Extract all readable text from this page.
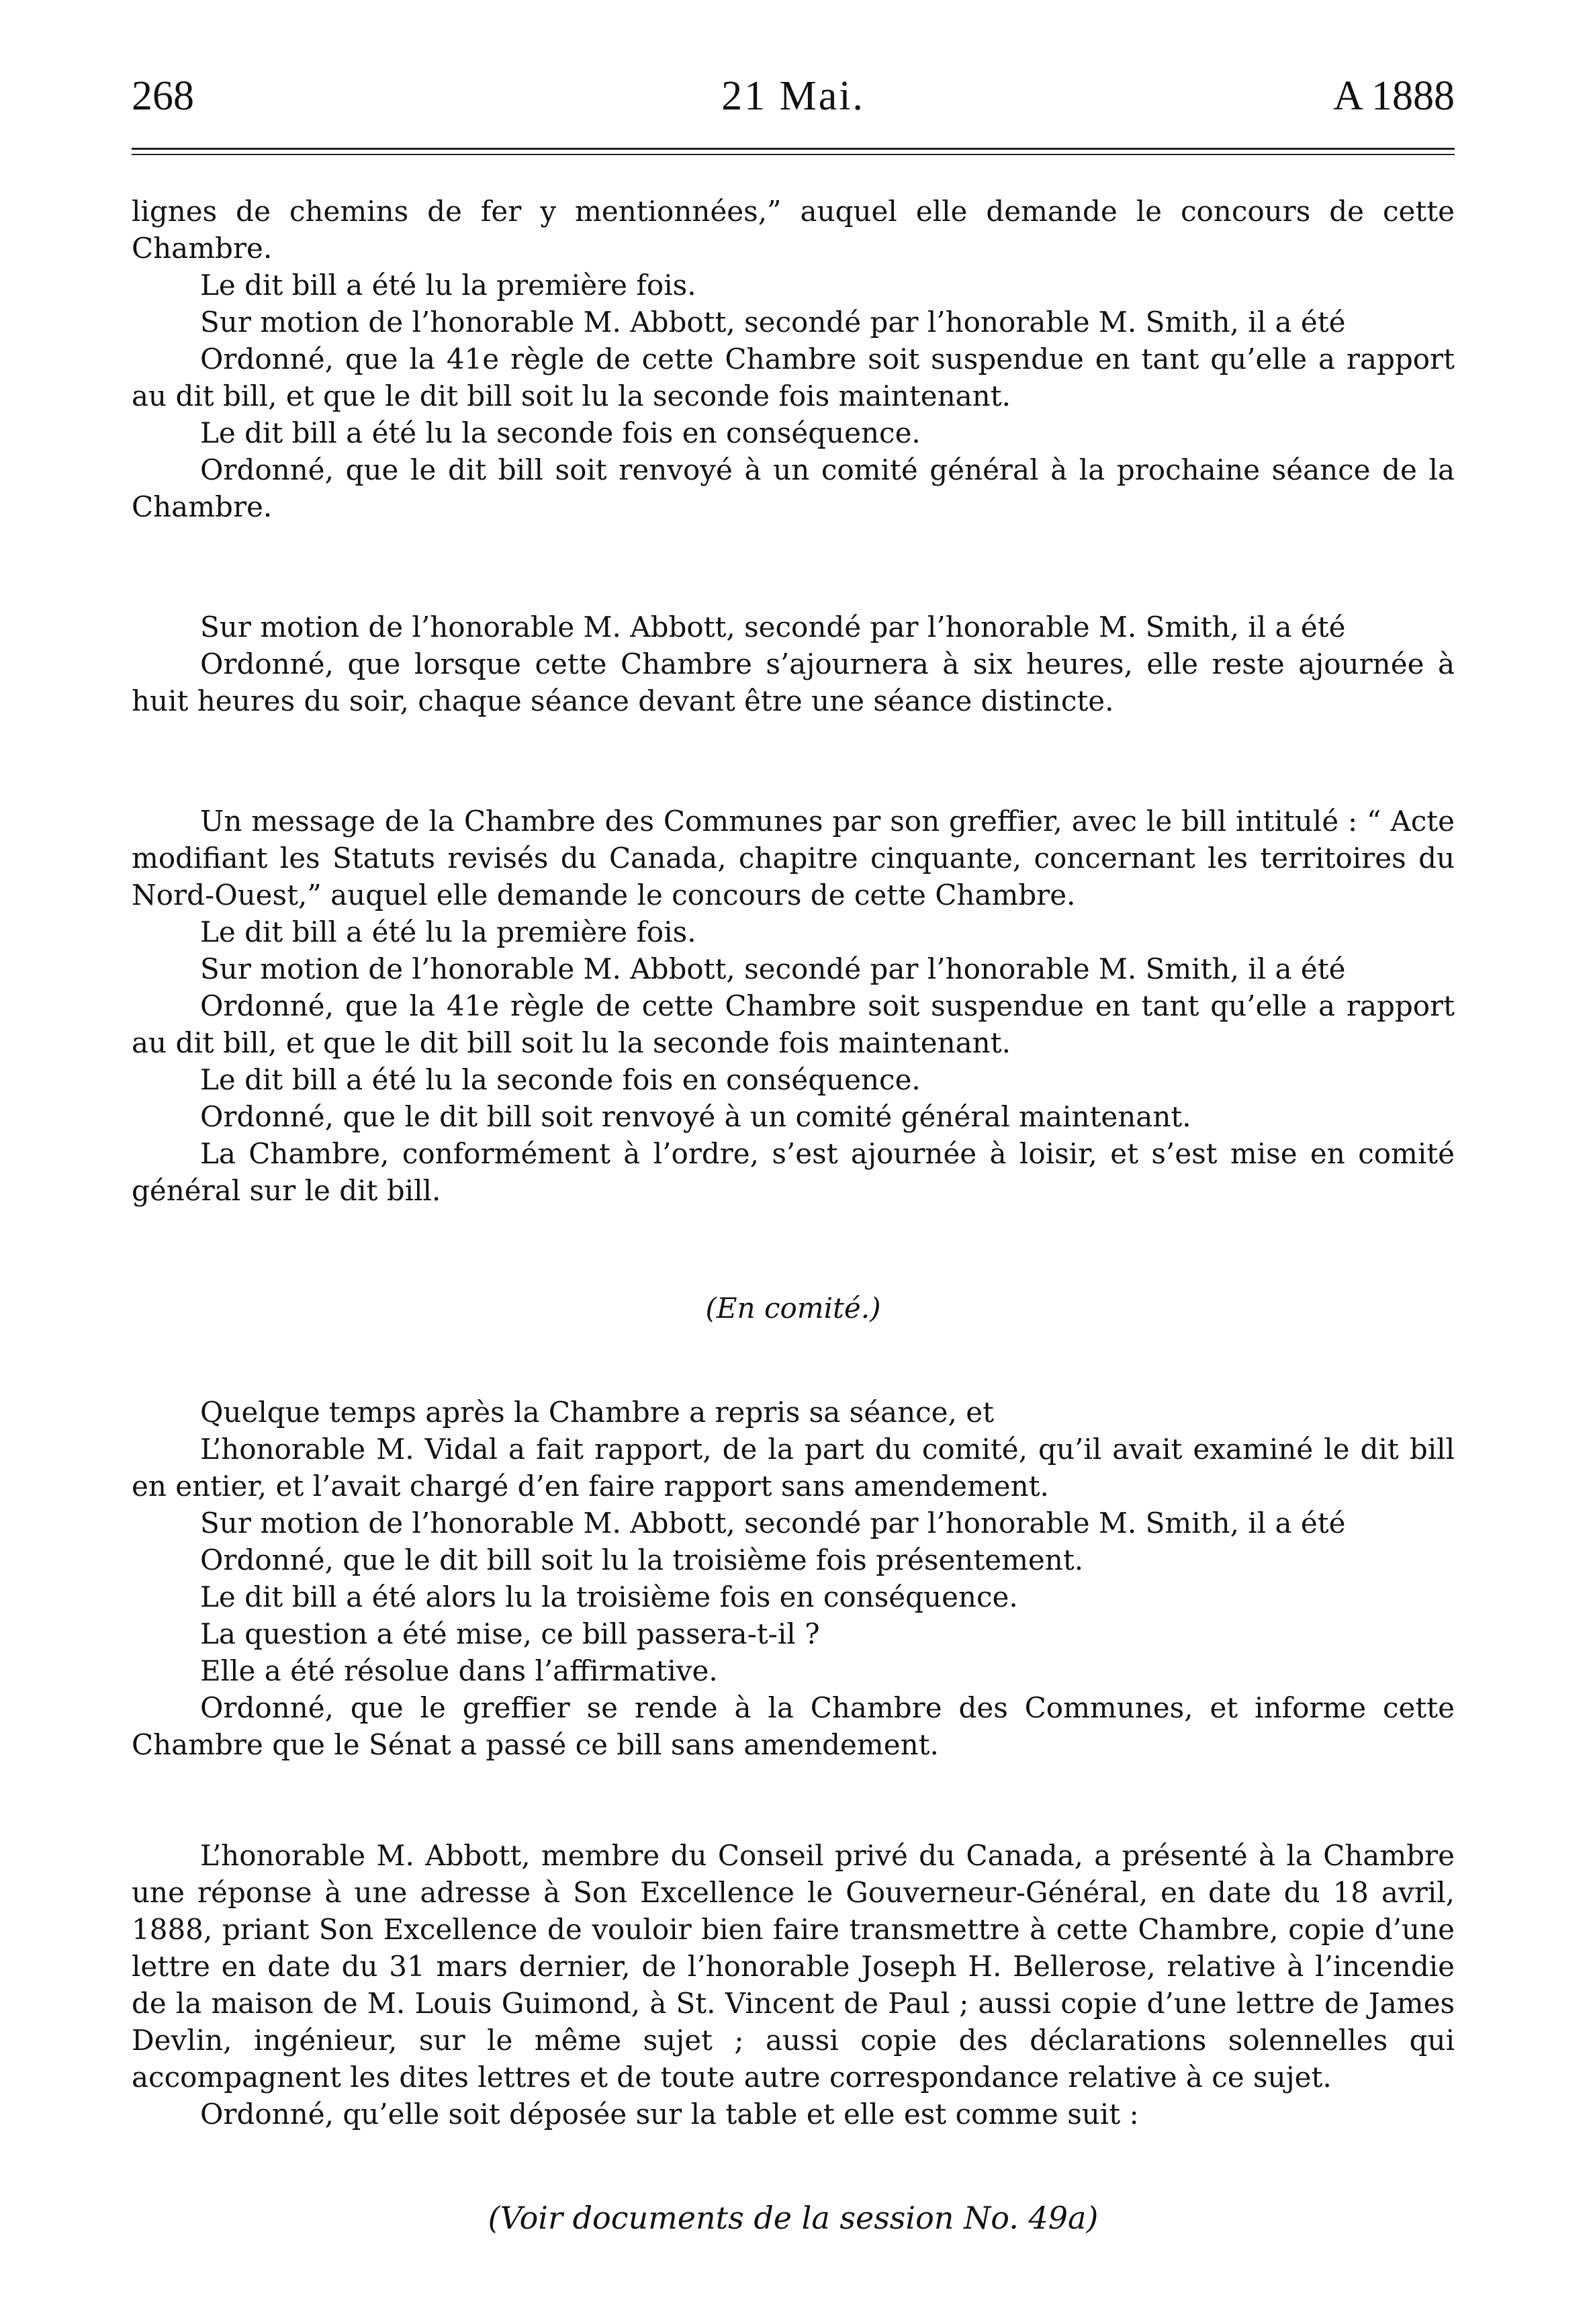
268	21 Mai.	A 1888

lignes de chemins de fer y mentionnées,” auquel elle demande le concours de cette Chambre.

Le dit bill a été lu la première fois.

Sur motion de l’honorable M. Abbott, secondé par l’honorable M. Smith, il a été

Ordonné, que la 41e règle de cette Chambre soit suspendue en tant qu’elle a rapport au dit bill, et que le dit bill soit lu la seconde fois maintenant.

Le dit bill a été lu la seconde fois en conséquence.

Ordonné, que le dit bill soit renvoyé à un comité général à la prochaine séance de la Chambre.

Sur motion de l’honorable M. Abbott, secondé par l’honorable M. Smith, il a été

Ordonné, que lorsque cette Chambre s’ajournera à six heures, elle reste ajournée à huit heures du soir, chaque séance devant être une séance distincte.

Un message de la Chambre des Communes par son greffier, avec le bill intitulé : “ Acte modifiant les Statuts revisés du Canada, chapitre cinquante, concernant les territoires du Nord-Ouest,” auquel elle demande le concours de cette Chambre.

Le dit bill a été lu la première fois.

Sur motion de l’honorable M. Abbott, secondé par l’honorable M. Smith, il a été

Ordonné, que la 41e règle de cette Chambre soit suspendue en tant qu’elle a rapport au dit bill, et que le dit bill soit lu la seconde fois maintenant.

Le dit bill a été lu la seconde fois en conséquence.

Ordonné, que le dit bill soit renvoyé à un comité général maintenant.

La Chambre, conformément à l’ordre, s’est ajournée à loisir, et s’est mise en comité général sur le dit bill.

(En comité.)

Quelque temps après la Chambre a repris sa séance, et

L’honorable M. Vidal a fait rapport, de la part du comité, qu’il avait examiné le dit bill en entier, et l’avait chargé d’en faire rapport sans amendement.

Sur motion de l’honorable M. Abbott, secondé par l’honorable M. Smith, il a été

Ordonné, que le dit bill soit lu la troisième fois présentement.

Le dit bill a été alors lu la troisième fois en conséquence.

La question a été mise, ce bill passera-t-il ?

Elle a été résolue dans l’affirmative.

Ordonné, que le greffier se rende à la Chambre des Communes, et informe cette Chambre que le Sénat a passé ce bill sans amendement.

L’honorable M. Abbott, membre du Conseil privé du Canada, a présenté à la Chambre une réponse à une adresse à Son Excellence le Gouverneur-Général, en date du 18 avril, 1888, priant Son Excellence de vouloir bien faire transmettre à cette Chambre, copie d’une lettre en date du 31 mars dernier, de l’honorable Joseph H. Bellerose, relative à l’incendie de la maison de M. Louis Guimond, à St. Vincent de Paul ; aussi copie d’une lettre de James Devlin, ingénieur, sur le même sujet ; aussi copie des déclarations solennelles qui accompagnent les dites lettres et de toute autre correspondance relative à ce sujet.

Ordonné, qu’elle soit déposée sur la table et elle est comme suit :

(Voir documents de la session No. 49a)
